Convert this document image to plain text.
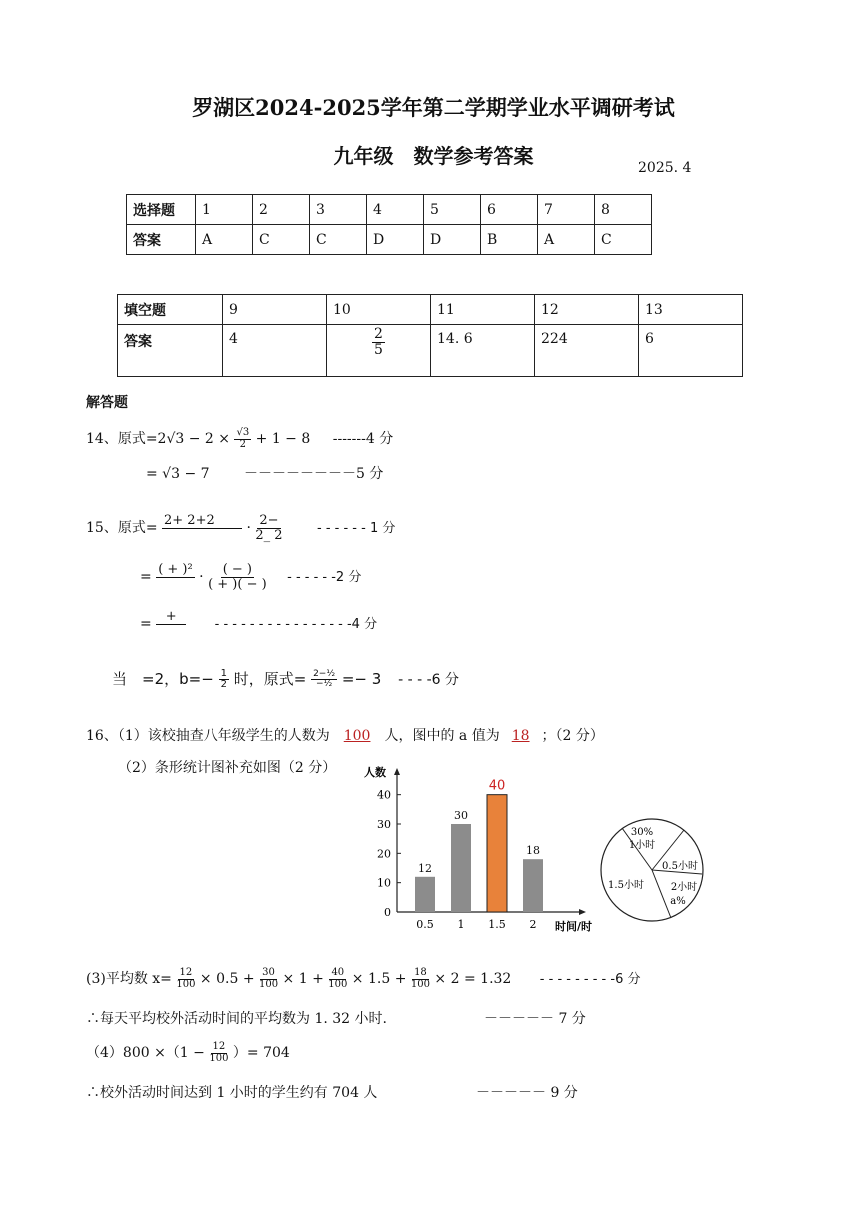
罗湖区2024-2025学年第二学期学业水平调研考试
九年级　数学参考答案	2025. 4
选择题	1	2	3	4	5	6	7	8
答案	A	C	C	D	D	B	A	C
填空题	9	10	11	12	13
答案	4	$\frac{2}{5}$	14. 6	224	6
解答题
14、原式$=2√3 - 2 \times \frac{√3}{2} + 1 - 8$ -------4 分
= √3 − 7 －－－－－－－－5 分
15、原式= 2+ 2+2
	· $\frac{2-}{2\_ 2}$	- - - - - - 1 分
= ( + )²
· $\frac{( - )}{( + )( - )}$ - - - - - -2 分
=	+

- - - - - - - - - - - - - - - -4 分
当　=2，$b=- \frac{1}{2}$ 时，原式= $\frac{\text{2−½}}{\text{−½}} =- 3$ - - - -6 分
16、（1）该校抽查八年级学生的人数为 100 人，图中的 a 值为 18 ；（2 分）
（2）条形统计图补充如图（2 分）	人数
时间/时
0
10
20
30
40
12
0.5
30
1
40
1.5
18
2
30%
1小时
0.5小时
2小时
a%
1.5小时
(3)平均数 $x= \frac{12}{100} \times 0.5 + \frac{30}{100} \times 1 + \frac{40}{100} \times 1.5 + \frac{18}{100} \times 2 = 1.32$ - - - - - - - - -6 分
∴每天平均校外活动时间的平均数为 1. 32 小时.	－－－－－ 7 分
$(4)800 \times(1 - \frac{12}{100}$ ）= 704
∴校外活动时间达到 1 小时的学生约有 704 人	－－－－－ 9 分
